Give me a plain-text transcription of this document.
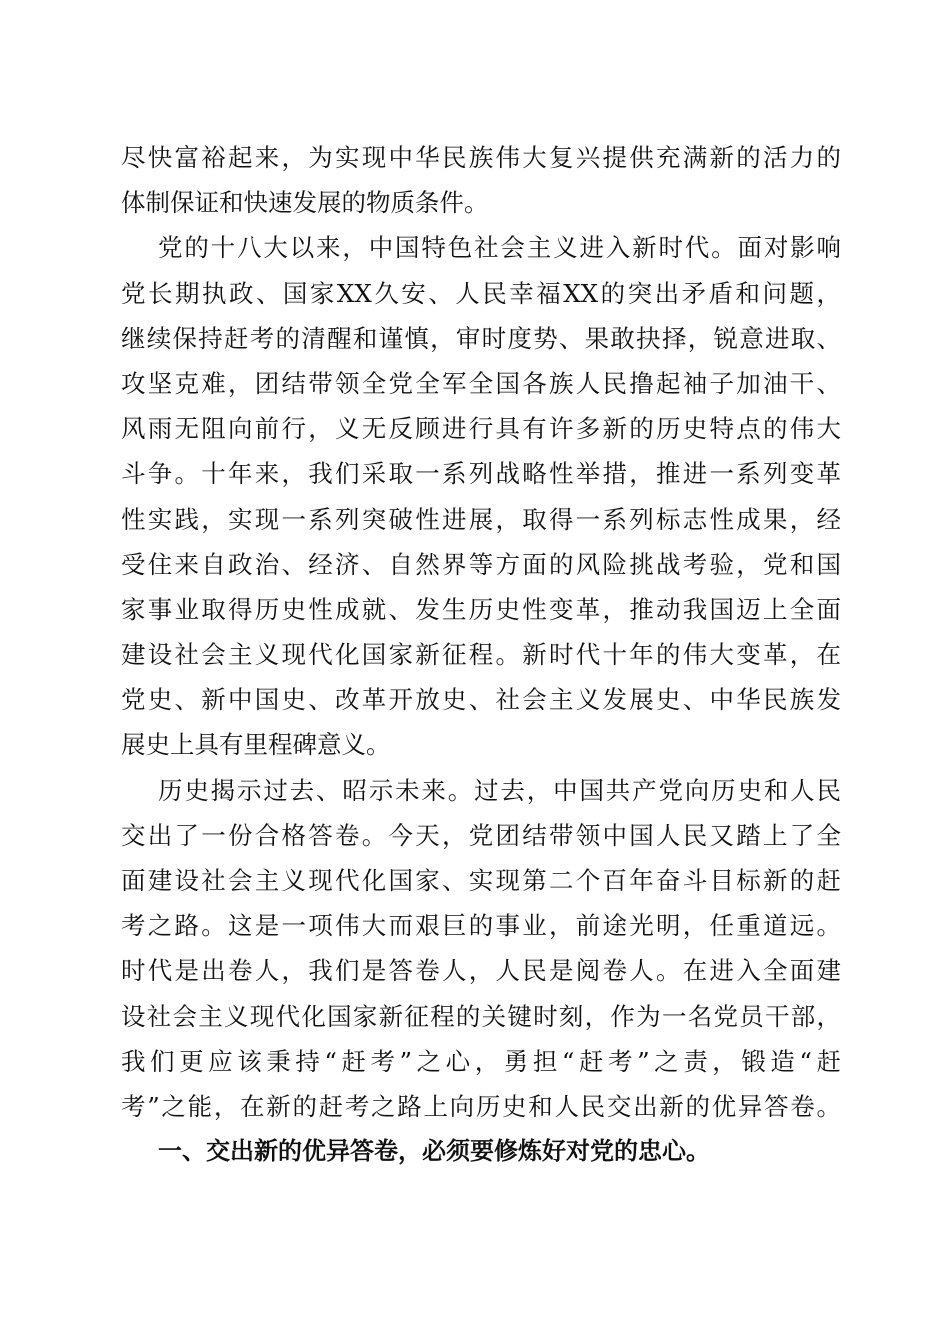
尽快富裕起来，为实现中华民族伟大复兴提供充满新的活力的
体制保证和快速发展的物质条件。
党的十八大以来，中国特色社会主义进入新时代。面对影响
党长期执政、国家XX久安、人民幸福XX的突出矛盾和问题，
继续保持赶考的清醒和谨慎，审时度势、果敢抉择，锐意进取、
攻坚克难，团结带领全党全军全国各族人民撸起袖子加油干、
风雨无阻向前行，义无反顾进行具有许多新的历史特点的伟大
斗争。十年来，我们采取一系列战略性举措，推进一系列变革
性实践，实现一系列突破性进展，取得一系列标志性成果，经
受住来自政治、经济、自然界等方面的风险挑战考验，党和国
家事业取得历史性成就、发生历史性变革，推动我国迈上全面
建设社会主义现代化国家新征程。新时代十年的伟大变革，在
党史、新中国史、改革开放史、社会主义发展史、中华民族发
展史上具有里程碑意义。
历史揭示过去、昭示未来。过去，中国共产党向历史和人民
交出了一份合格答卷。今天，党团结带领中国人民又踏上了全
面建设社会主义现代化国家、实现第二个百年奋斗目标新的赶
考之路。这是一项伟大而艰巨的事业，前途光明，任重道远。
时代是出卷人，我们是答卷人，人民是阅卷人。在进入全面建
设社会主义现代化国家新征程的关键时刻，作为一名党员干部，
我们更应该秉持“赶考”之心，勇担“赶考”之责，锻造“赶
考”之能，在新的赶考之路上向历史和人民交出新的优异答卷。
一、交出新的优异答卷，必须要修炼好对党的忠心。
